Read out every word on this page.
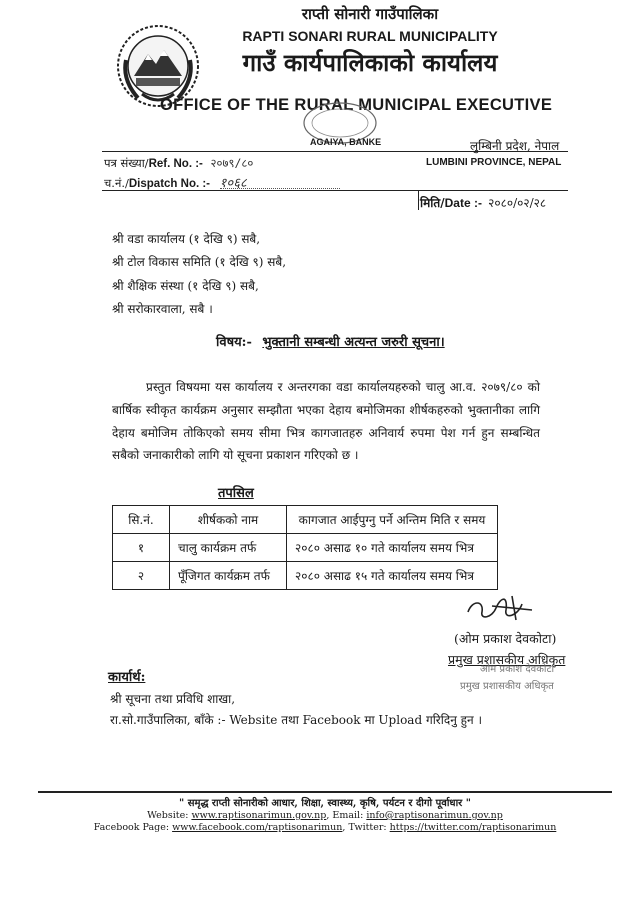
राप्ती सोनारी गाउँपालिका
RAPTI SONARI RURAL MUNICIPALITY
गाउँ कार्यपालिकाको कार्यालय
OFFICE OF THE RURAL MUNICIPAL EXECUTIVE
AGAIYA, BANKE	लुम्बिनी प्रदेश, नेपाल
पत्र संख्या/Ref. No. :- २०७९/८०	LUMBINI PROVINCE, NEPAL
च.नं./Dispatch No. :- १०६८
मिति/Date :- २०८०/०२/२८
श्री वडा कार्यालय (१ देखि ९) सबै,
श्री टोल विकास समिति (१ देखि ९) सबै,
श्री शैक्षिक संस्था (१ देखि ९) सबै,
श्री सरोकारवाला, सबै ।
विषय:- भुक्तानी सम्बन्धी अत्यन्त जरुरी सूचना।
प्रस्तुत विषयमा यस कार्यालय र अन्तरगका वडा कार्यालयहरुको चालु आ.व. २०७९/८० को बार्षिक स्वीकृत कार्यक्रम अनुसार सम्झौता भएका देहाय बमोजिमका शीर्षकहरुको भुक्तानीका लागि देहाय बमोजिम तोकिएको समय सीमा भित्र कागजातहरु अनिवार्य रुपमा पेश गर्न हुन सम्बन्धित सबैको जनाकारीको लागि यो सूचना प्रकाशन गरिएको छ ।
तपसिल
सि.नं.	शीर्षकको नाम	कागजात आईपुग्नु पर्ने अन्तिम मिति र समय
१	चालु कार्यक्रम तर्फ	२०८० असाढ १० गते कार्यालय समय भित्र
२	पूँजिगत कार्यक्रम तर्फ	२०८० असाढ १५ गते कार्यालय समय भित्र
(ओम प्रकाश देवकोटा)
प्रमुख प्रशासकीय अधिकृत
ओम प्रकाश देवकोटा
प्रमुख प्रशासकीय अधिकृत
कार्यार्थ:
श्री सूचना तथा प्रविधि शाखा,
रा.सो.गाउँपालिका, बाँके :- Website तथा Facebook मा Upload गरिदिनु हुन ।
" समृद्ध राप्ती सोनारीको आधार, शिक्षा, स्वास्थ्य, कृषि, पर्यटन र दीगो पूर्वाधार "
Website: www.raptisonarimun.gov.np, Email: info@raptisonarimun.gov.np
Facebook Page: www.facebook.com/raptisonarimun, Twitter: https://twitter.com/raptisonarimun
